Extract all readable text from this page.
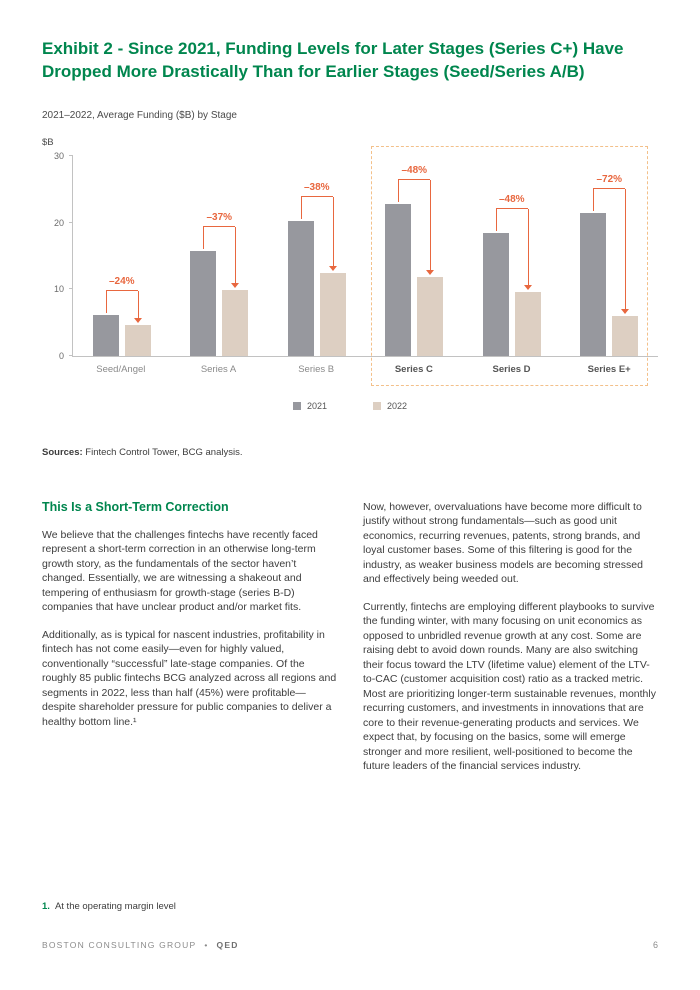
Exhibit 2 - Since 2021, Funding Levels for Later Stages (Series C+) Have Dropped More Drastically Than for Earlier Stages (Seed/Series A/B)
2021–2022, Average Funding ($B) by Stage
$B
0
10
20
30
–24%
–37%
–38%
–48%
–48%
–72%
Seed/Angel	Series A	Series B	Series C	Series D	Series E+
2021	2022
Sources: Fintech Control Tower, BCG analysis.
This Is a Short-Term Correction

We believe that the challenges fintechs have recently faced represent a short-term correction in an otherwise long-term growth story, as the fundamentals of the sector haven’t changed. Essentially, we are witnessing a shakeout and tempering of enthusiasm for growth-stage (series B-D) companies that have unclear product and/or market fits.

Additionally, as is typical for nascent industries, profitability in fintech has not come easily—even for highly valued, conventionally “successful” late-stage companies. Of the roughly 85 public fintechs BCG analyzed across all regions and segments in 2022, less than half (45%) were profitable—despite shareholder pressure for public companies to deliver a healthy bottom line.¹

Now, however, overvaluations have become more difficult to justify without strong fundamentals—such as good unit economics, recurring revenues, patents, strong brands, and loyal customer bases. Some of this filtering is good for the industry, as weaker business models are becoming stressed and effectively being weeded out.

Currently, fintechs are employing different playbooks to survive the funding winter, with many focusing on unit economics as opposed to unbridled revenue growth at any cost. Some are raising debt to avoid down rounds. Many are also switching their focus toward the LTV (lifetime value) element of the LTV-to-CAC (customer acquisition cost) ratio as a tracked metric. Most are prioritizing longer-term sustainable revenues, monthly recurring customers, and investments in innovations that are core to their revenue-generating products and services. We expect that, by focusing on the basics, some will emerge stronger and more resilient, well-positioned to become the future leaders of the financial services industry.

1. At the operating margin level
BOSTON CONSULTING GROUP • QED	6
